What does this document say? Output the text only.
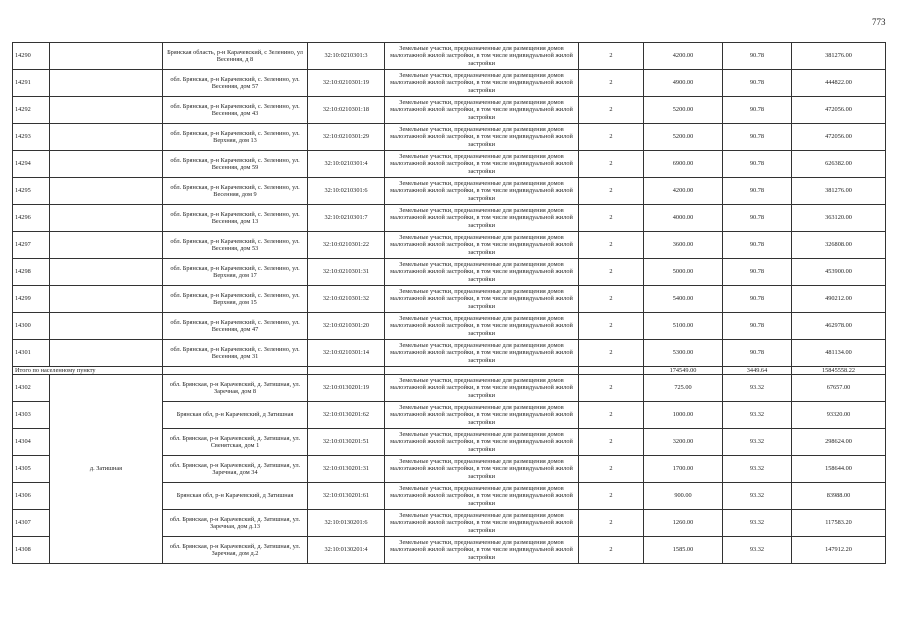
773
14290		Брянская область, р-н Карачевский, с Зеленино, ул Весенняя, д 8	32:10:0210301:3	Земельные участки, предназначенные для размещения домов малоэтажной жилой застройки, в том числе индивидуальной жилой застройки	2	4200.00	90.78	381276.00
14291		обл. Брянская, р-н Карачевский, с. Зеленино, ул. Весенняя, дом 57	32:10:0210301:19	Земельные участки, предназначенные для размещения домов малоэтажной жилой застройки, в том числе индивидуальной жилой застройки	2	4900.00	90.78	444822.00
14292		обл. Брянская, р-н Карачевский, с. Зеленино, ул. Весенняя, дом 43	32:10:0210301:18	Земельные участки, предназначенные для размещения домов малоэтажной жилой застройки, в том числе индивидуальной жилой застройки	2	5200.00	90.78	472056.00
14293		обл. Брянская, р-н Карачевский, с. Зеленино, ул. Верхняя, дом 13	32:10:0210301:29	Земельные участки, предназначенные для размещения домов малоэтажной жилой застройки, в том числе индивидуальной жилой застройки	2	5200.00	90.78	472056.00
14294		обл. Брянская, р-н Карачевский, с. Зеленино, ул. Весенняя, дом 59	32:10:0210301:4	Земельные участки, предназначенные для размещения домов малоэтажной жилой застройки, в том числе индивидуальной жилой застройки	2	6900.00	90.78	626382.00
14295		обл. Брянская, р-н Карачевский, с. Зеленино, ул. Весенняя, дом 9	32:10:0210301:6	Земельные участки, предназначенные для размещения домов малоэтажной жилой застройки, в том числе индивидуальной жилой застройки	2	4200.00	90.78	381276.00
14296		обл. Брянская, р-н Карачевский, с. Зеленино, ул. Весенняя, дом 13	32:10:0210301:7	Земельные участки, предназначенные для размещения домов малоэтажной жилой застройки, в том числе индивидуальной жилой застройки	2	4000.00	90.78	363120.00
14297		обл. Брянская, р-н Карачевский, с. Зеленино, ул. Весенняя, дом 53	32:10:0210301:22	Земельные участки, предназначенные для размещения домов малоэтажной жилой застройки, в том числе индивидуальной жилой застройки	2	3600.00	90.78	326808.00
14298		обл. Брянская, р-н Карачевский, с. Зеленино, ул. Верхняя, дом 17	32:10:0210301:31	Земельные участки, предназначенные для размещения домов малоэтажной жилой застройки, в том числе индивидуальной жилой застройки	2	5000.00	90.78	453900.00
14299		обл. Брянская, р-н Карачевский, с. Зеленино, ул. Верхняя, дом 15	32:10:0210301:32	Земельные участки, предназначенные для размещения домов малоэтажной жилой застройки, в том числе индивидуальной жилой застройки	2	5400.00	90.78	490212.00
14300		обл. Брянская, р-н Карачевский, с. Зеленино, ул. Весенняя, дом 47	32:10:0210301:20	Земельные участки, предназначенные для размещения домов малоэтажной жилой застройки, в том числе индивидуальной жилой застройки	2	5100.00	90.78	462978.00
14301		обл. Брянская, р-н Карачевский, с. Зеленино, ул. Весенняя, дом 31	32:10:0210301:14	Земельные участки, предназначенные для размещения домов малоэтажной жилой застройки, в том числе индивидуальной жилой застройки	2	5300.00	90.78	481134.00
Итого по населенному пункту						174549.00	3449.64	15845558.22
14302	д. Затишная	обл. Брянская, р-н Карачевский, д. Затишная, ул. Заречная, дом 8	32:10:0130201:19	Земельные участки, предназначенные для размещения домов малоэтажной жилой застройки, в том числе индивидуальной жилой застройки	2	725.00	93.32	67657.00
14303		Брянская обл, р-н Карачевский, д Затишная	32:10:0130201:62	Земельные участки, предназначенные для размещения домов малоэтажной жилой застройки, в том числе индивидуальной жилой застройки	2	1000.00	93.32	93320.00
14304		обл. Брянская, р-н Карачевский, д. Затишная, ул. Свенятская, дом 1	32:10:0130201:51	Земельные участки, предназначенные для размещения домов малоэтажной жилой застройки, в том числе индивидуальной жилой застройки	2	3200.00	93.32	298624.00
14305		обл. Брянская, р-н Карачевский, д. Затишная, ул. Заречная, дом 34	32:10:0130201:31	Земельные участки, предназначенные для размещения домов малоэтажной жилой застройки, в том числе индивидуальной жилой застройки	2	1700.00	93.32	158644.00
14306		Брянская обл, р-н Карачевский, д Затишная	32:10:0130201:61	Земельные участки, предназначенные для размещения домов малоэтажной жилой застройки, в том числе индивидуальной жилой застройки	2	900.00	93.32	83988.00
14307		обл. Брянская, р-н Карачевский, д. Затишная, ул. Заречная, дом д.13	32:10:0130201:6	Земельные участки, предназначенные для размещения домов малоэтажной жилой застройки, в том числе индивидуальной жилой застройки	2	1260.00	93.32	117583.20
14308		обл. Брянская, р-н Карачевский, д. Затишная, ул. Заречная, дом д.2	32:10:0130201:4	Земельные участки, предназначенные для размещения домов малоэтажной жилой застройки, в том числе индивидуальной жилой застройки	2	1585.00	93.32	147912.20
